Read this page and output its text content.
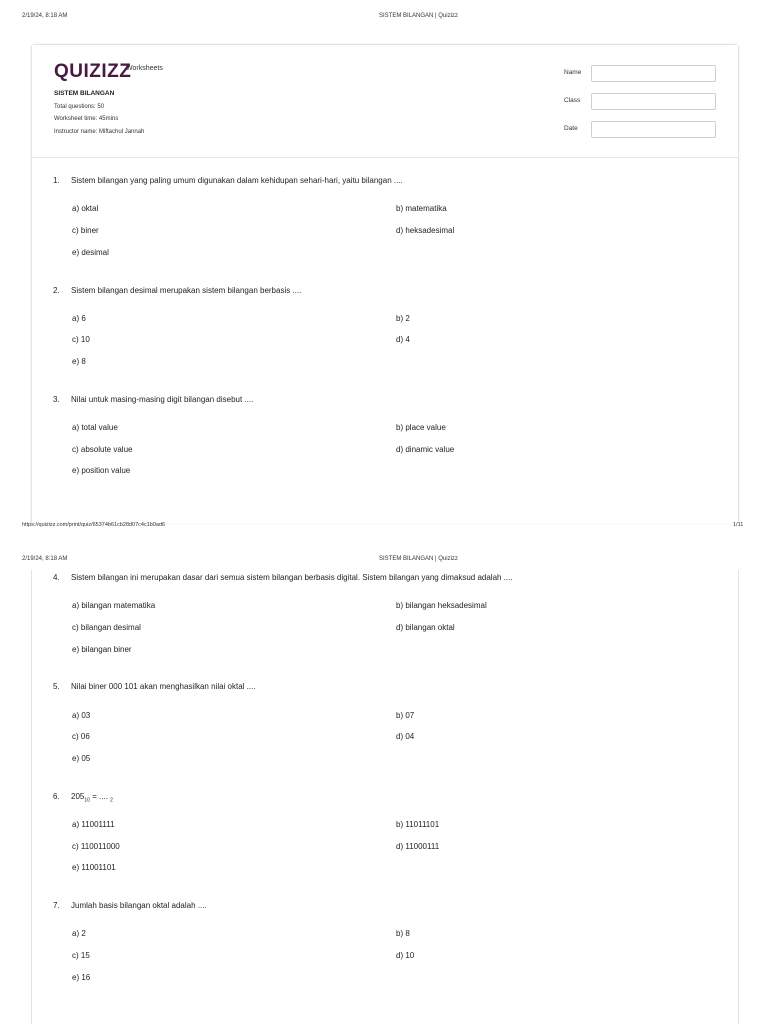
2/19/24, 8:18 AM	SISTEM BILANGAN | Quizizz
QUIZIZZ
Worksheets
SISTEM BILANGAN
Total questions: 50
Worksheet time: 45mins
Instructor name: Miftachul Jannah
Name
Class
Date
1. Sistem bilangan yang paling umum digunakan dalam kehidupan sehari-hari, yaitu bilangan ....
a) oktal	b) matematika
c) biner	d) heksadesimal
e) desimal
2. Sistem bilangan desimal merupakan sistem bilangan berbasis ....
a) 6	b) 2
c) 10	d) 4
e) 8
3. Nilai untuk masing-masing digit bilangan disebut ....
a) total value	b) place value
c) absolute value	d) dinamic value
e) position value
https://quizizz.com/print/quiz/65374b61cb28d07c4c1b0ad6	1/11
2/19/24, 8:18 AM	SISTEM BILANGAN | Quizizz
4. Sistem bilangan ini merupakan dasar dari semua sistem bilangan berbasis digital. Sistem bilangan yang dimaksud adalah ....
a) bilangan matematika	b) bilangan heksadesimal
c) bilangan desimal	d) bilangan oktal
e) bilangan biner
5. Nilai biner 000 101 akan menghasilkan nilai oktal ....
a) 03	b) 07
c) 06	d) 04
e) 05
6. $205_{10}$ = .... $_2$
a) 11001111	b) 11011101
c) 110011000	d) 11000111
e) 11001101
7. Jumlah basis bilangan oktal adalah ....
a) 2	b) 8
c) 15	d) 10
e) 16
